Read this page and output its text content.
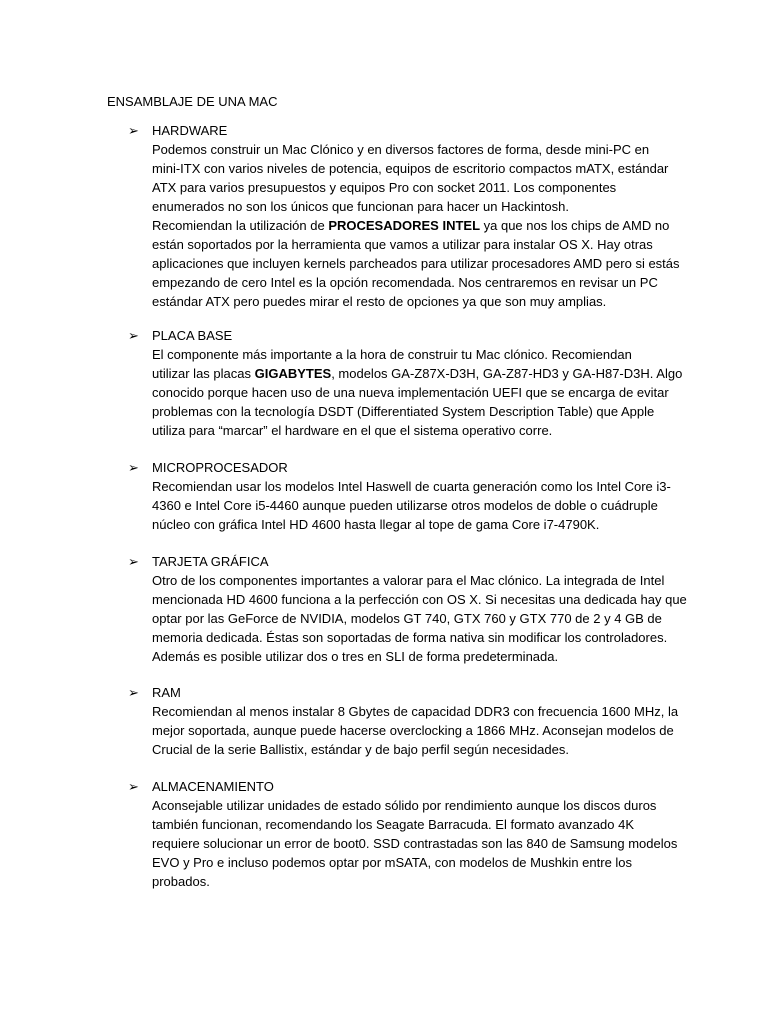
ENSAMBLAJE DE UNA MAC
➢ HARDWARE
Podemos construir un Mac Clónico y en diversos factores de forma, desde mini-PC en
mini-ITX con varios niveles de potencia, equipos de escritorio compactos mATX, estándar
ATX para varios presupuestos y equipos Pro con socket 2011. Los componentes
enumerados no son los únicos que funcionan para hacer un Hackintosh.
Recomiendan la utilización de PROCESADORES INTEL ya que nos los chips de AMD no
están soportados por la herramienta que vamos a utilizar para instalar OS X. Hay otras
aplicaciones que incluyen kernels parcheados para utilizar procesadores AMD pero si estás
empezando de cero Intel es la opción recomendada. Nos centraremos en revisar un PC
estándar ATX pero puedes mirar el resto de opciones ya que son muy amplias.
➢ PLACA BASE
El componente más importante a la hora de construir tu Mac clónico. Recomiendan
utilizar las placas GIGABYTES, modelos GA-Z87X-D3H, GA-Z87-HD3 y GA-H87-D3H. Algo
conocido porque hacen uso de una nueva implementación UEFI que se encarga de evitar
problemas con la tecnología DSDT (Differentiated System Description Table) que Apple
utiliza para “marcar” el hardware en el que el sistema operativo corre.
➢ MICROPROCESADOR
Recomiendan usar los modelos Intel Haswell de cuarta generación como los Intel Core i3-
4360 e Intel Core i5-4460 aunque pueden utilizarse otros modelos de doble o cuádruple
núcleo con gráfica Intel HD 4600 hasta llegar al tope de gama Core i7-4790K.
➢ TARJETA GRÁFICA
Otro de los componentes importantes a valorar para el Mac clónico. La integrada de Intel
mencionada HD 4600 funciona a la perfección con OS X. Si necesitas una dedicada hay que
optar por las GeForce de NVIDIA, modelos GT 740, GTX 760 y GTX 770 de 2 y 4 GB de
memoria dedicada. Éstas son soportadas de forma nativa sin modificar los controladores.
Además es posible utilizar dos o tres en SLI de forma predeterminada.
➢ RAM
Recomiendan al menos instalar 8 Gbytes de capacidad DDR3 con frecuencia 1600 MHz, la
mejor soportada, aunque puede hacerse overclocking a 1866 MHz. Aconsejan modelos de
Crucial de la serie Ballistix, estándar y de bajo perfil según necesidades.
➢ ALMACENAMIENTO
Aconsejable utilizar unidades de estado sólido por rendimiento aunque los discos duros
también funcionan, recomendando los Seagate Barracuda. El formato avanzado 4K
requiere solucionar un error de boot0. SSD contrastadas son las 840 de Samsung modelos
EVO y Pro e incluso podemos optar por mSATA, con modelos de Mushkin entre los
probados.
